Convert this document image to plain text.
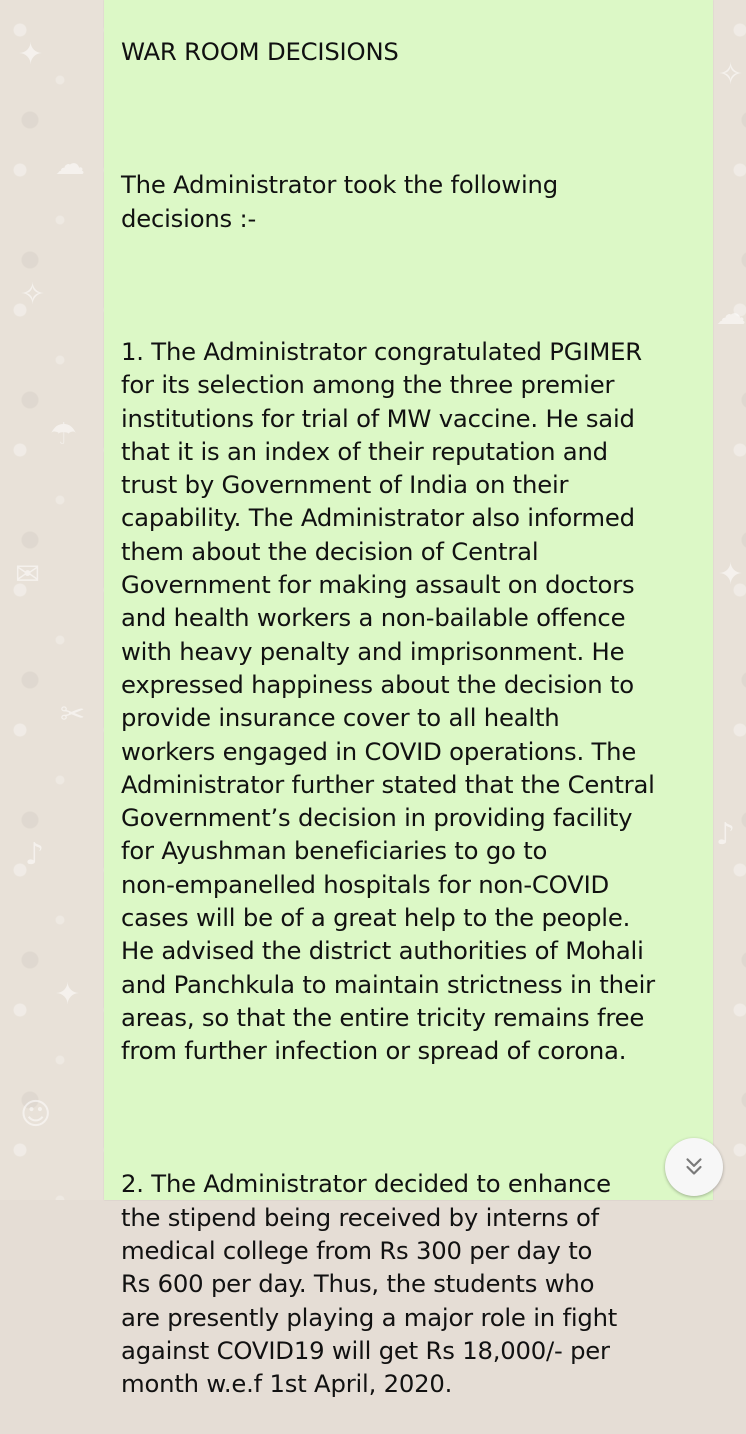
✦
☁
✧
☂
✉
✂
♪
✦
☺
✧
☁
✦
♪

WAR ROOM DECISIONS

The Administrator took the following
decisions :-

1. The Administrator congratulated PGIMER
for its selection among the three premier
institutions for trial of MW vaccine. He said
that it is an index of their reputation and
trust by Government of India on their
capability. The Administrator also informed
them about the decision of Central
Government for making assault on doctors
and health workers a non-bailable offence
with heavy penalty and imprisonment. He
expressed happiness about the decision to
provide insurance cover to all health
workers engaged in COVID operations. The
Administrator further stated that the Central
Government’s decision in providing facility
for Ayushman beneficiaries to go to
non-empanelled hospitals for non-COVID
cases will be of a great help to the people.
He advised the district authorities of Mohali
and Panchkula to maintain strictness in their
areas, so that the entire tricity remains free
from further infection or spread of corona.

2. The Administrator decided to enhance
the stipend being received by interns of
medical college from Rs 300 per day to
Rs 600 per day. Thus, the students who
are presently playing a major role in fight
against COVID19 will get Rs 18,000/- per
month w.e.f 1st April, 2020.
